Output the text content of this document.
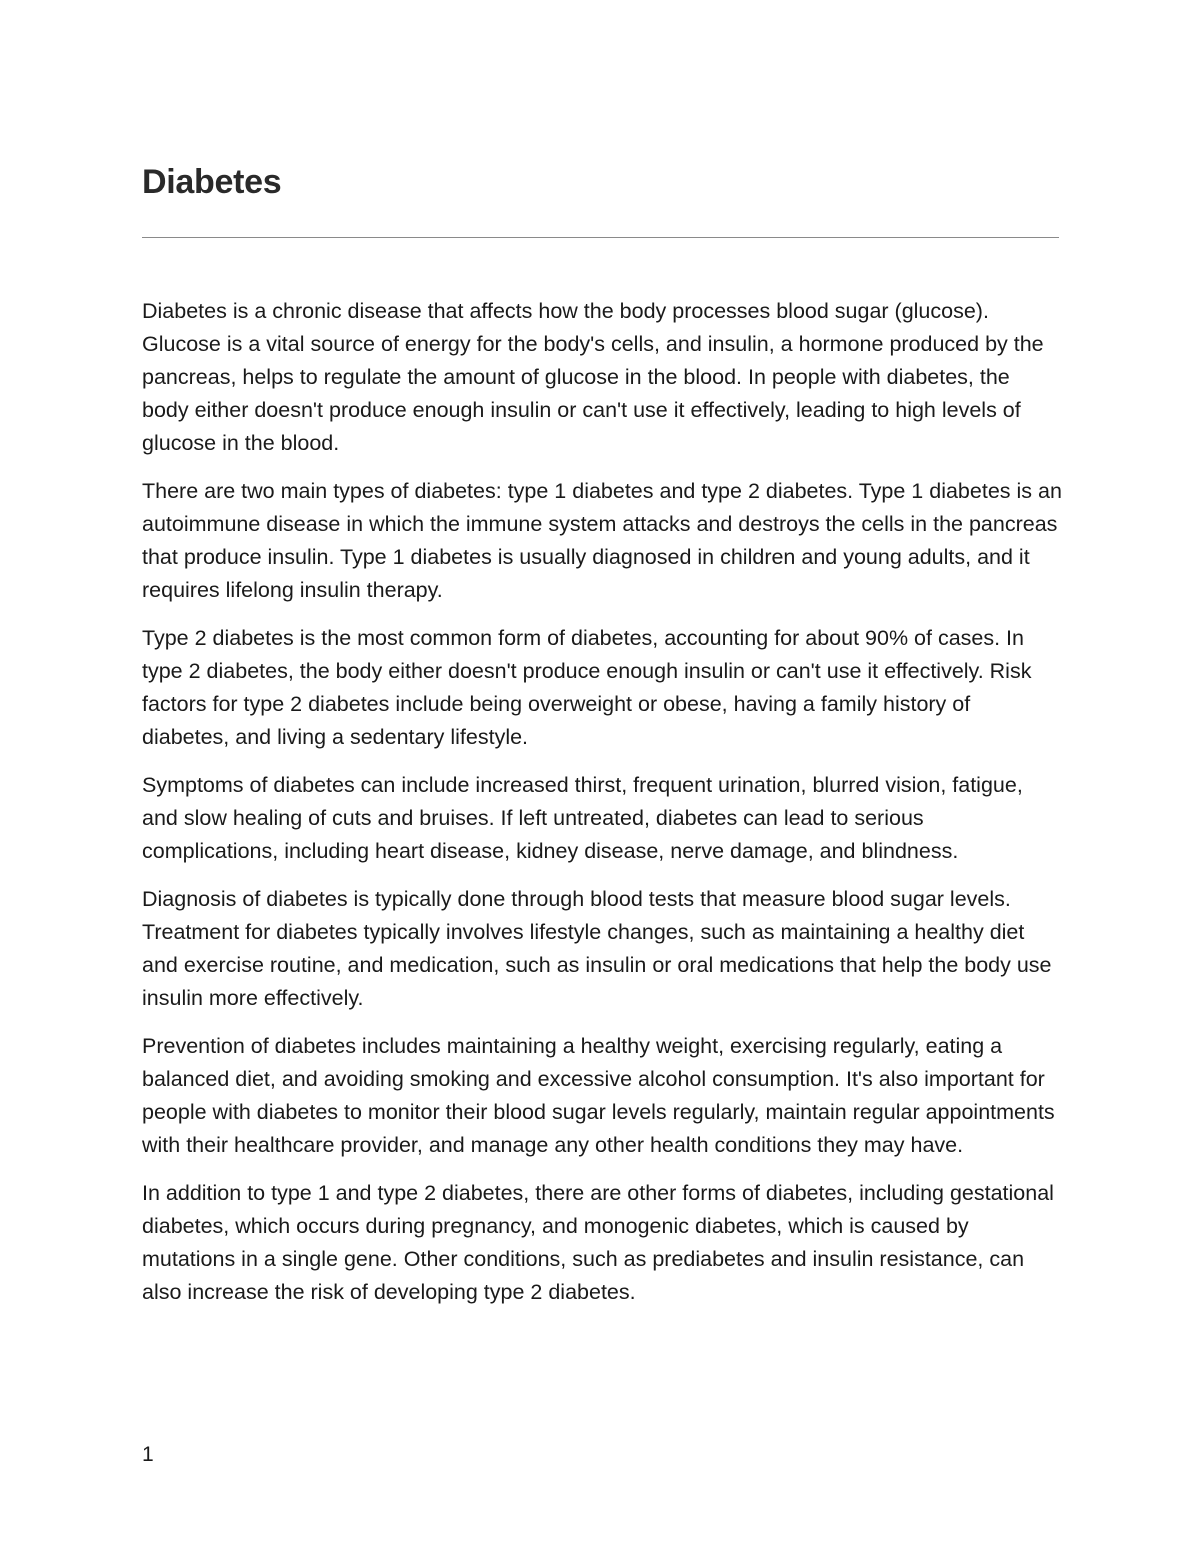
Diabetes

Diabetes is a chronic disease that affects how the body processes blood sugar (glucose). Glucose is a vital source of energy for the body's cells, and insulin, a hormone produced by the pancreas, helps to regulate the amount of glucose in the blood. In people with diabetes, the body either doesn't produce enough insulin or can't use it effectively, leading to high levels of glucose in the blood.

There are two main types of diabetes: type 1 diabetes and type 2 diabetes. Type 1 diabetes is an autoimmune disease in which the immune system attacks and destroys the cells in the pancreas that produce insulin. Type 1 diabetes is usually diagnosed in children and young adults, and it requires lifelong insulin therapy.

Type 2 diabetes is the most common form of diabetes, accounting for about 90% of cases. In type 2 diabetes, the body either doesn't produce enough insulin or can't use it effectively. Risk factors for type 2 diabetes include being overweight or obese, having a family history of diabetes, and living a sedentary lifestyle.

Symptoms of diabetes can include increased thirst, frequent urination, blurred vision, fatigue, and slow healing of cuts and bruises. If left untreated, diabetes can lead to serious complications, including heart disease, kidney disease, nerve damage, and blindness.

Diagnosis of diabetes is typically done through blood tests that measure blood sugar levels. Treatment for diabetes typically involves lifestyle changes, such as maintaining a healthy diet and exercise routine, and medication, such as insulin or oral medications that help the body use insulin more effectively.

Prevention of diabetes includes maintaining a healthy weight, exercising regularly, eating a balanced diet, and avoiding smoking and excessive alcohol consumption. It's also important for people with diabetes to monitor their blood sugar levels regularly, maintain regular appointments with their healthcare provider, and manage any other health conditions they may have.

In addition to type 1 and type 2 diabetes, there are other forms of diabetes, including gestational diabetes, which occurs during pregnancy, and monogenic diabetes, which is caused by mutations in a single gene. Other conditions, such as prediabetes and insulin resistance, can also increase the risk of developing type 2 diabetes.

1
